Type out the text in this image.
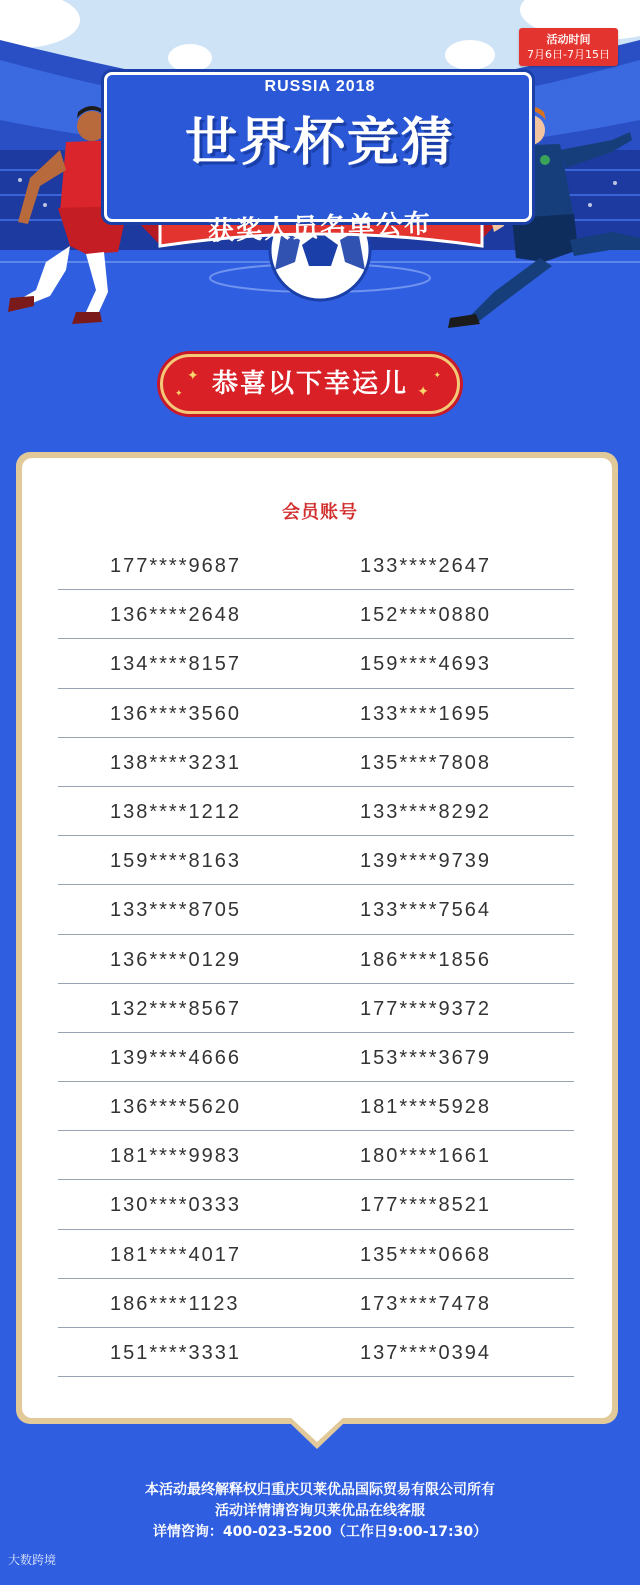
活动时间
7月6日-7月15日
RUSSIA 2018
世界杯竞猜
获奖人员名单公布
恭喜以下幸运儿
✦
✦	✦
✦
会员账号
177****9687	133****2647
136****2648	152****0880
134****8157	159****4693
136****3560	133****1695
138****3231	135****7808
138****1212	133****8292
159****8163	139****9739
133****8705	133****7564
136****0129	186****1856
132****8567	177****9372
139****4666	153****3679
136****5620	181****5928
181****9983	180****1661
130****0333	177****8521
181****4017	135****0668
186****1123	173****7478
151****3331	137****0394
本活动最终解释权归重庆贝莱优品国际贸易有限公司所有
活动详情请咨询贝莱优品在线客服
详情咨询：400-023-5200（工作日9:00-17:30）
大数跨境
